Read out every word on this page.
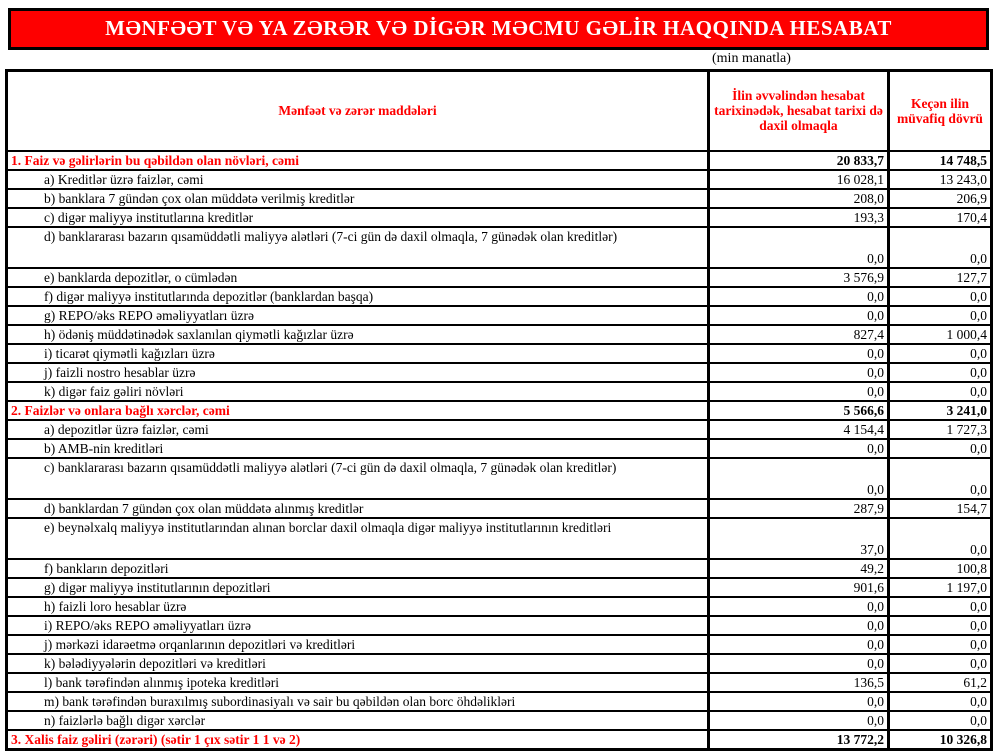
MƏNFƏƏT VƏ YA ZƏRƏR VƏ DİGƏR MƏCMU GƏLİR HAQQINDA HESABAT
(min manatla)
Mənfəət və zərər maddələri	İlin əvvəlindən hesabat tarixinədək, hesabat tarixi də daxil olmaqla	Keçən ilin müvafiq dövrü
1. Faiz və gəlirlərin bu qəbildən olan növləri, cəmi	20 833,7	14 748,5
a) Kreditlər üzrə faizlər, cəmi	16 028,1	13 243,0
b) banklara 7 gündən çox olan müddətə verilmiş kreditlər	208,0	206,9
c) digər maliyyə institutlarına kreditlər	193,3	170,4
d) banklararası bazarın qısamüddətli maliyyə alətləri (7-ci gün də daxil olmaqla, 7 günədək olan kreditlər)	0,0	0,0
e) banklarda depozitlər, o cümlədən	3 576,9	127,7
f) digər maliyyə institutlarında depozitlər (banklardan başqa)	0,0	0,0
g) REPO/əks REPO əməliyyatları üzrə	0,0	0,0
h) ödəniş müddətinədək saxlanılan qiymətli kağızlar üzrə	827,4	1 000,4
i) ticarət qiymətli kağızları üzrə	0,0	0,0
j) faizli nostro hesablar üzrə	0,0	0,0
k) digər faiz gəliri növləri	0,0	0,0
2. Faizlər və onlara bağlı xərclər, cəmi	5 566,6	3 241,0
a) depozitlər üzrə faizlər, cəmi	4 154,4	1 727,3
b) AMB-nin kreditləri	0,0	0,0
c) banklararası bazarın qısamüddətli maliyyə alətləri (7-ci gün də daxil olmaqla, 7 günədək olan kreditlər)	0,0	0,0
d) banklardan 7 gündən çox olan müddətə alınmış kreditlər	287,9	154,7
e) beynəlxalq maliyyə institutlarından alınan borclar daxil olmaqla digər maliyyə institutlarının kreditləri	37,0	0,0
f) bankların depozitləri	49,2	100,8
g) digər maliyyə institutlarının depozitləri	901,6	1 197,0
h) faizli loro hesablar üzrə	0,0	0,0
i) REPO/əks REPO əməliyyatları üzrə	0,0	0,0
j) mərkəzi idarəetmə orqanlarının depozitləri və kreditləri	0,0	0,0
k) bələdiyyələrin depozitləri və kreditləri	0,0	0,0
l) bank tərəfindən alınmış ipoteka kreditləri	136,5	61,2
m) bank tərəfindən buraxılmış subordinasiyalı və sair bu qəbildən olan borc öhdəlikləri	0,0	0,0
n) faizlərlə bağlı digər xərclər	0,0	0,0
3. Xalis faiz gəliri (zərəri) (sətir 1 çıx sətir 1 1 və 2)	13 772,2	10 326,8
